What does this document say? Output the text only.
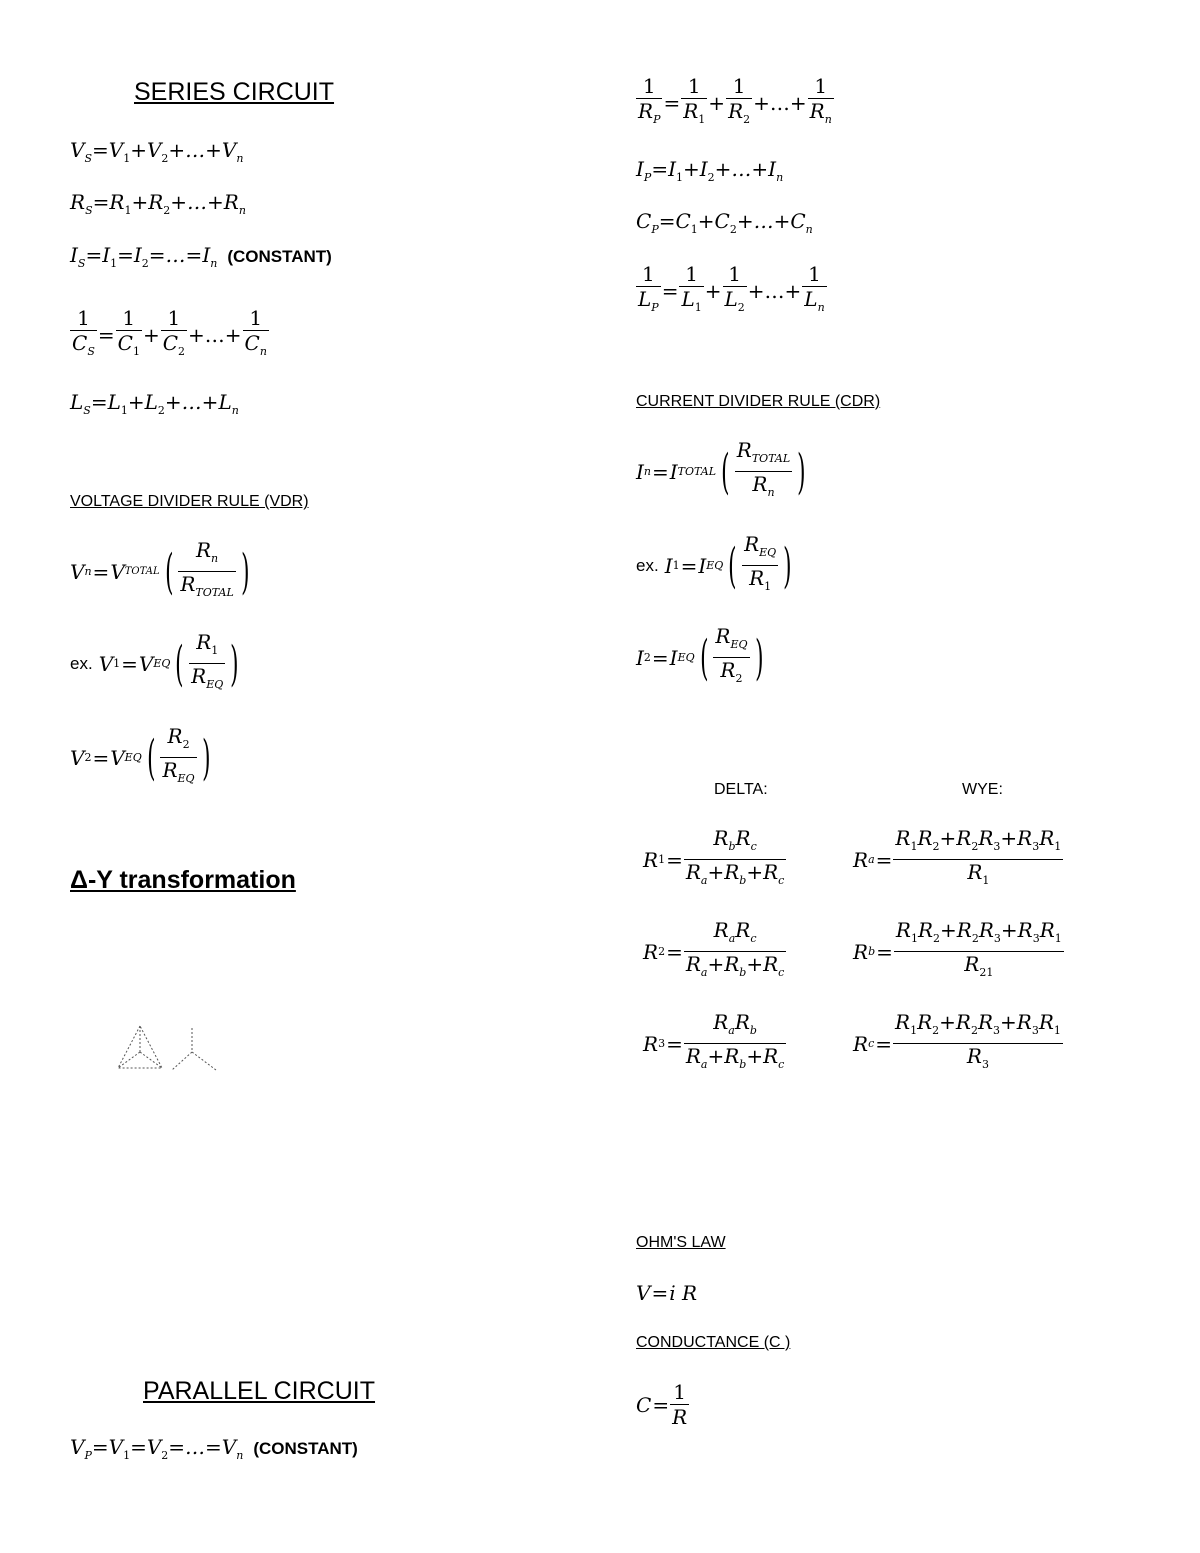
SERIES CIRCUIT
$V_S=V_1+V_2+\dots+V_n$
$R_S=R_1+R_2+\dots+R_n$
$I_S=I_1=I_2=\dots=I_n$ (CONSTANT)
$\frac{1}{C_S} = \frac{1}{C_1} + \frac{1}{C_2}$ +…+ $\frac{1}{C_n}$
$L_S=L_1+L_2+\dots+L_n$
VOLTAGE DIVIDER RULE (VDR)
V n = V TOTAL ( $\frac{R_n}{R_{TOTAL}}$ )
ex. V 1 = V EQ ( $\frac{R_1}{R_{EQ}}$ )
V 2 = V EQ ( $\frac{R_2}{R_{EQ}}$ )
Δ-Y transformation
PARALLEL CIRCUIT
$V_P=V_1=V_2=\dots=V_n$ (CONSTANT)
$\frac{1}{R_P} = \frac{1}{R_1} + \frac{1}{R_2}$ +…+ $\frac{1}{R_n}$
$I_P=I_1+I_2+\dots+I_n$
$C_P=C_1+C_2+\dots+C_n$
$\frac{1}{L_P} = \frac{1}{L_1} + \frac{1}{L_2}$ +…+ $\frac{1}{L_n}$
CURRENT DIVIDER RULE (CDR)
I n = I TOTAL ( $\frac{R_{TOTAL}}{R_n}$ )
ex. I 1 = I EQ ( $\frac{R_{EQ}}{R_1}$ )
I 2 = I EQ ( $\frac{R_{EQ}}{R_2}$ )
DELTA:	WYE:
R $1 = \frac{R_bR_c}{R_a+R_b+R_c}$
R $2 = \frac{R_aR_c}{R_a+R_b+R_c}$
R $3 = \frac{R_aR_b}{R_a+R_b+R_c}$
R $a = \frac{R_1R_2+R_2R_3+R_3R_1}{R_1}$
R $b = \frac{R_1R_2+R_2R_3+R_3R_1}{R_{21}}$
R $c = \frac{R_1R_2+R_2R_3+R_3R_1}{R_3}$
OHM'S LAW
V=i R
CONDUCTANCE (C )
$C = \frac{1}{R}$
